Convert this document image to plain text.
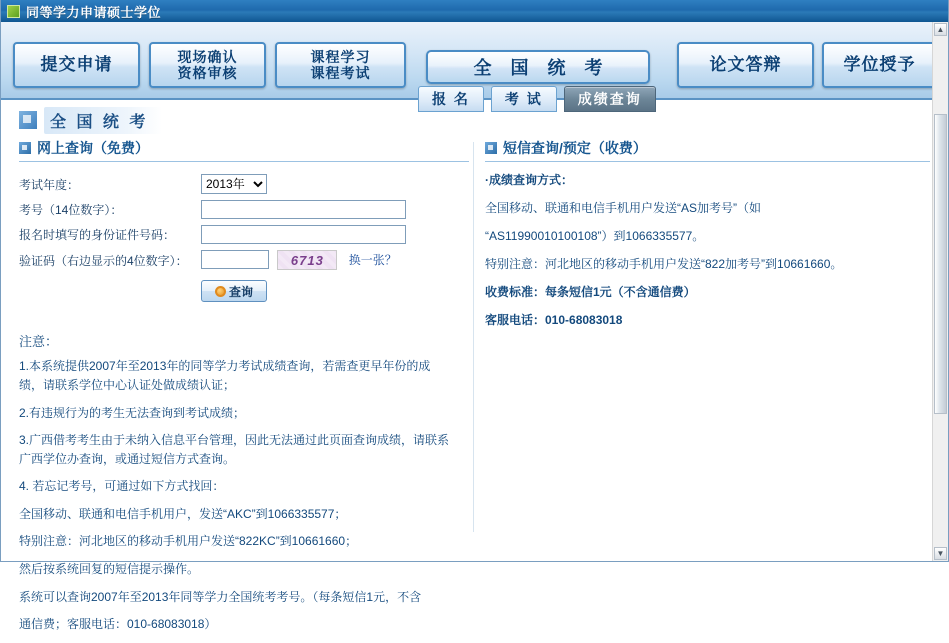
同等学力申请硕士学位
提交申请	现场确认
资格审核
课程学习
课程考试	全 国 统 考
报 名	考 试	成绩查询
论文答辩	学位授予
全 国 统 考
网上查询（免费）
考试年度：	
2013年
考号（14位数字）：	
报名时填写的身份证件号码：	
验证码（右边显示的4位数字）：	6713 换一张？

	查询
注意：

1.本系统提供2007年至2013年的同等学力考试成绩查询，若需查更早年份的成绩，请联系学位中心认证处做成绩认证；

2.有违规行为的考生无法查询到考试成绩；

3.广西借考考生由于未纳入信息平台管理，因此无法通过此页面查询成绩，请联系广西学位办查询，或通过短信方式查询。

4. 若忘记考号，可通过如下方式找回：

全国移动、联通和电信手机用户，发送“AKC”到1066335577；

特别注意：河北地区的移动手机用户发送“822KC”到10661660；

然后按系统回复的短信提示操作。

系统可以查询2007年至2013年同等学力全国统考考号。（每条短信1元，不含

通信费；客服电话：010-68083018）

短信查询/预定（收费）

·成绩查询方式：

全国移动、联通和电信手机用户发送“AS加考号”（如

“AS11990010100108”）到1066335577。

特别注意：河北地区的移动手机用户发送“822加考号”到10661660。

收费标准：每条短信1元（不含通信费）

客服电话：010-68083018

▲
▼
